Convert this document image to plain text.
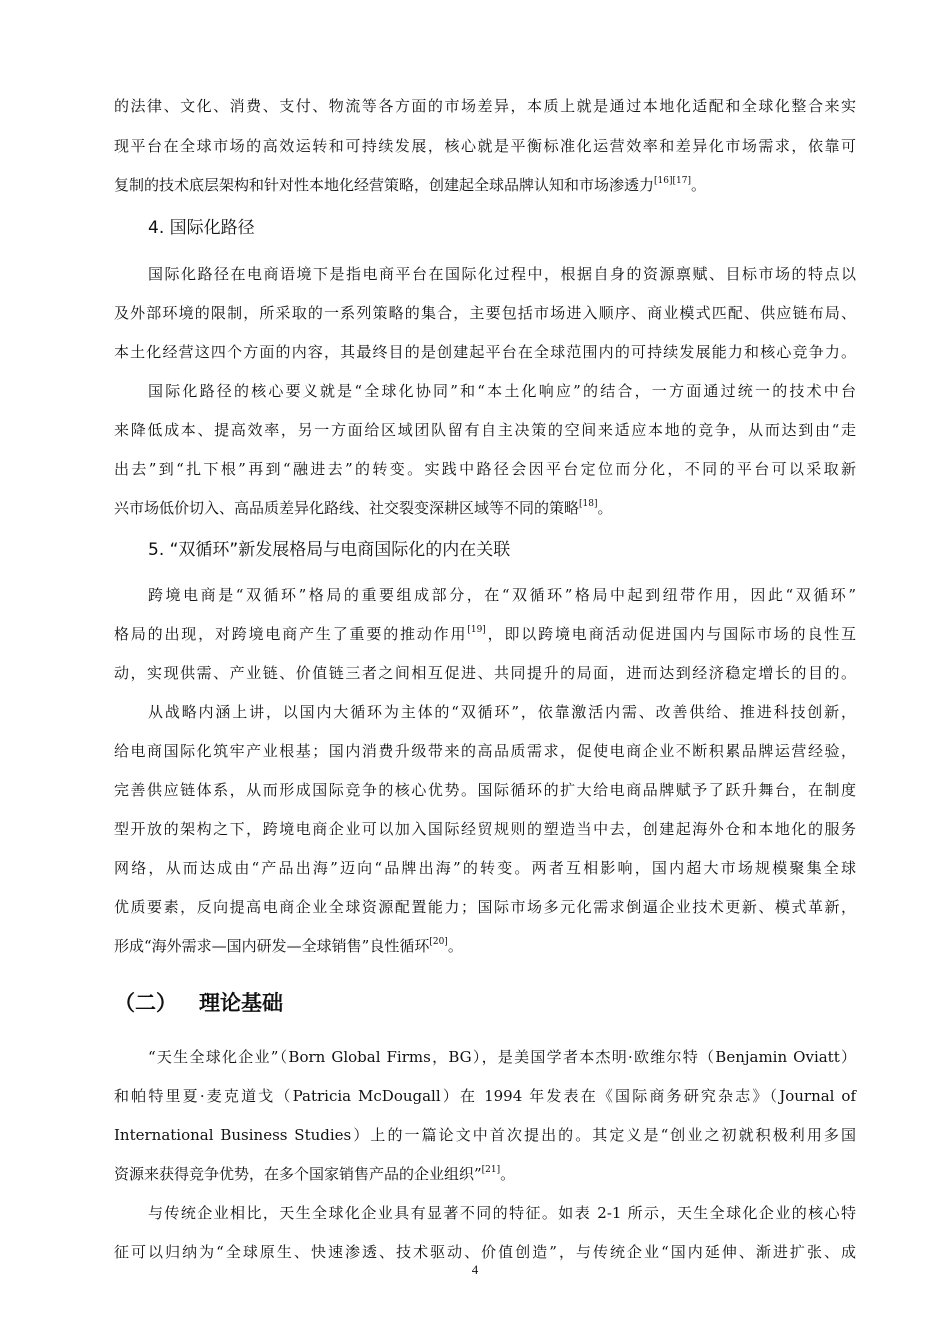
的法律、文化、消费、支付、物流等各方面的市场差异，本质上就是通过本地化适配和全球化整合来实
现平台在全球市场的高效运转和可持续发展，核心就是平衡标准化运营效率和差异化市场需求，依靠可
复制的技术底层架构和针对性本地化经营策略，创建起全球品牌认知和市场渗透力[16][17]。
4. 国际化路径
国际化路径在电商语境下是指电商平台在国际化过程中，根据自身的资源禀赋、目标市场的特点以
及外部环境的限制，所采取的一系列策略的集合，主要包括市场进入顺序、商业模式匹配、供应链布局、
本土化经营这四个方面的内容，其最终目的是创建起平台在全球范围内的可持续发展能力和核心竞争力。
国际化路径的核心要义就是“全球化协同”和“本土化响应”的结合，一方面通过统一的技术中台
来降低成本、提高效率，另一方面给区域团队留有自主决策的空间来适应本地的竞争，从而达到由“走
出去”到“扎下根”再到“融进去”的转变。实践中路径会因平台定位而分化，不同的平台可以采取新
兴市场低价切入、高品质差异化路线、社交裂变深耕区域等不同的策略[18]。
5. “双循环”新发展格局与电商国际化的内在关联
跨境电商是“双循环”格局的重要组成部分，在“双循环”格局中起到纽带作用，因此“双循环”
格局的出现，对跨境电商产生了重要的推动作用[19]，即以跨境电商活动促进国内与国际市场的良性互
动，实现供需、产业链、价值链三者之间相互促进、共同提升的局面，进而达到经济稳定增长的目的。
从战略内涵上讲，以国内大循环为主体的“双循环”，依靠激活内需、改善供给、推进科技创新，
给电商国际化筑牢产业根基；国内消费升级带来的高品质需求，促使电商企业不断积累品牌运营经验，
完善供应链体系，从而形成国际竞争的核心优势。国际循环的扩大给电商品牌赋予了跃升舞台，在制度
型开放的架构之下，跨境电商企业可以加入国际经贸规则的塑造当中去，创建起海外仓和本地化的服务
网络，从而达成由“产品出海”迈向“品牌出海”的转变。两者互相影响，国内超大市场规模聚集全球
优质要素，反向提高电商企业全球资源配置能力；国际市场多元化需求倒逼企业技术更新、模式革新，
形成“海外需求—国内研发—全球销售”良性循环[20]。
（二） 理论基础
“天生全球化企业”（Born Global Firms，BG），是美国学者本杰明·欧维尔特（Benjamin Oviatt）
和帕特里夏·麦克道戈（Patricia McDougall）在 1994 年发表在《国际商务研究杂志》（Journal of
International Business Studies）上的一篇论文中首次提出的。其定义是“创业之初就积极利用多国
资源来获得竞争优势，在多个国家销售产品的企业组织”[21]。
与传统企业相比，天生全球化企业具有显著不同的特征。如表 2-1 所示，天生全球化企业的核心特
征可以归纳为“全球原生、快速渗透、技术驱动、价值创造”，与传统企业“国内延伸、渐进扩张、成
4
